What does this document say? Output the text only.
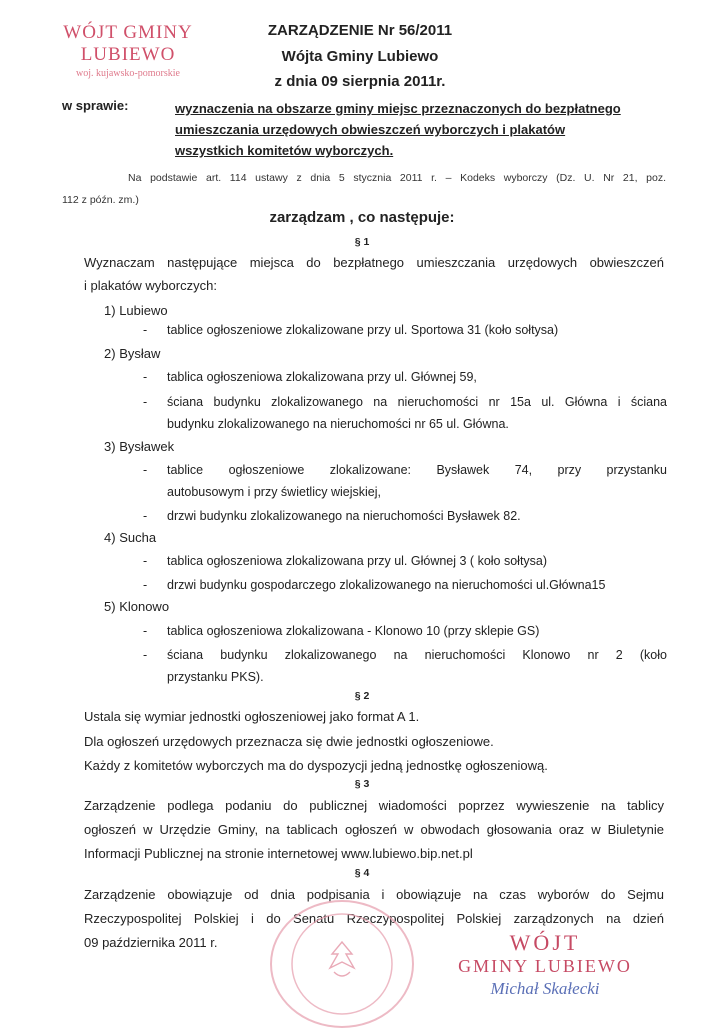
WÓJT GMINY LUBIEWO
woj. kujawsko-pomorskie
ZARZĄDZENIE Nr 56/2011
Wójta Gminy Lubiewo
z dnia 09 sierpnia 2011r.
w sprawie:	wyznaczenia na obszarze gminy miejsc przeznaczonych do bezpłatnego
umieszczania urzędowych obwieszczeń wyborczych i plakatów
wszystkich komitetów wyborczych.
Na podstawie art. 114 ustawy z dnia 5 stycznia 2011 r. – Kodeks wyborczy (Dz. U. Nr 21, poz.
112 z późn. zm.)
zarządzam , co następuje:
§ 1
Wyznaczam następujące miejsca do bezpłatnego umieszczania urzędowych obwieszczeń
i plakatów wyborczych:
1) Lubiewo
- tablice ogłoszeniowe zlokalizowane przy ul. Sportowa 31 (koło sołtysa)
2) Bysław
- tablica ogłoszeniowa zlokalizowana przy ul. Głównej 59,
- ściana budynku zlokalizowanego na nieruchomości nr 15a ul. Główna i ściana
budynku zlokalizowanego na nieruchomości nr 65 ul. Główna.
3) Bysławek
- tablice ogłoszeniowe zlokalizowane: Bysławek 74, przy przystanku
autobusowym i przy świetlicy wiejskiej,
- drzwi budynku zlokalizowanego na nieruchomości Bysławek 82.
4) Sucha
- tablica ogłoszeniowa zlokalizowana przy ul. Głównej 3 ( koło sołtysa)
- drzwi budynku gospodarczego zlokalizowanego na nieruchomości ul.Główna15
5) Klonowo
- tablica ogłoszeniowa zlokalizowana - Klonowo 10 (przy sklepie GS)
- ściana budynku zlokalizowanego na nieruchomości Klonowo nr 2 (koło
przystanku PKS).
§ 2
Ustala się wymiar jednostki ogłoszeniowej jako format A 1.
Dla ogłoszeń urzędowych przeznacza się dwie jednostki ogłoszeniowe.
Każdy z komitetów wyborczych ma do dyspozycji jedną jednostkę ogłoszeniową.
§ 3
Zarządzenie podlega podaniu do publicznej wiadomości poprzez wywieszenie na tablicy
ogłoszeń w Urzędzie Gminy, na tablicach ogłoszeń w obwodach głosowania oraz w Biuletynie
Informacji Publicznej na stronie internetowej www.lubiewo.bip.net.pl
§ 4
Zarządzenie obowiązuje od dnia podpisania i obowiązuje na czas wyborów do Sejmu
Rzeczypospolitej Polskiej i do Senatu Rzeczypospolitej Polskiej zarządzonych na dzień
09 października 2011 r.	WÓJT
GMINY LUBIEWO
Michał Skałecki
